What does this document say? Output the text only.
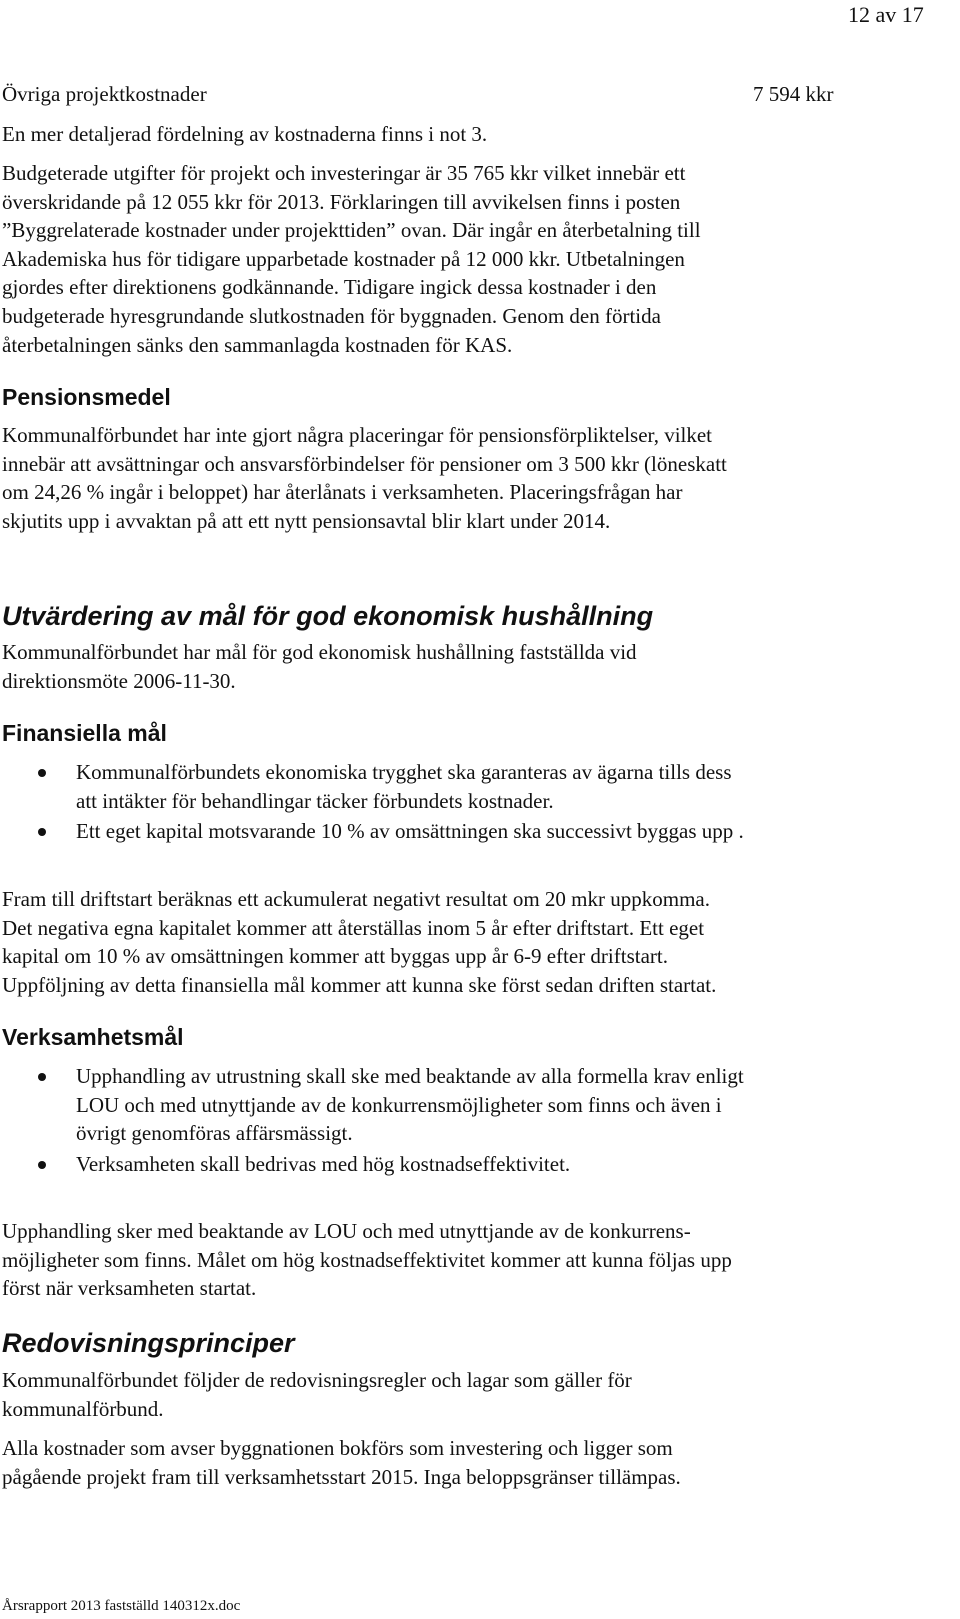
12 av 17
Övriga projektkostnader	7 594 kkr
En mer detaljerad fördelning av kostnaderna finns i not 3.
Budgeterade utgifter för projekt och investeringar är 35 765 kkr vilket innebär ett
överskridande på 12 055 kkr för 2013. Förklaringen till avvikelsen finns i posten
”Byggrelaterade kostnader under projekttiden” ovan. Där ingår en återbetalning till
Akademiska hus för tidigare upparbetade kostnader på 12 000 kkr. Utbetalningen
gjordes efter direktionens godkännande. Tidigare ingick dessa kostnader i den
budgeterade hyresgrundande slutkostnaden för byggnaden. Genom den förtida
återbetalningen sänks den sammanlagda kostnaden för KAS.
Pensionsmedel
Kommunalförbundet har inte gjort några placeringar för pensionsförpliktelser, vilket
innebär att avsättningar och ansvarsförbindelser för pensioner om 3 500 kkr (löneskatt
om 24,26 % ingår i beloppet) har återlånats i verksamheten. Placeringsfrågan har
skjutits upp i avvaktan på att ett nytt pensionsavtal blir klart under 2014.
Utvärdering av mål för god ekonomisk hushållning
Kommunalförbundet har mål för god ekonomisk hushållning fastställda vid
direktionsmöte 2006-11-30.
Finansiella mål
Kommunalförbundets ekonomiska trygghet ska garanteras av ägarna tills dess
att intäkter för behandlingar täcker förbundets kostnader.
Ett eget kapital motsvarande 10 % av omsättningen ska successivt byggas upp .
Fram till driftstart beräknas ett ackumulerat negativt resultat om 20 mkr uppkomma.
Det negativa egna kapitalet kommer att återställas inom 5 år efter driftstart. Ett eget
kapital om 10 % av omsättningen kommer att byggas upp år 6-9 efter driftstart.
Uppföljning av detta finansiella mål kommer att kunna ske först sedan driften startat.
Verksamhetsmål
Upphandling av utrustning skall ske med beaktande av alla formella krav enligt
LOU och med utnyttjande av de konkurrensmöjligheter som finns och även i
övrigt genomföras affärsmässigt.
Verksamheten skall bedrivas med hög kostnadseffektivitet.
Upphandling sker med beaktande av LOU och med utnyttjande av de konkurrens-
möjligheter som finns. Målet om hög kostnadseffektivitet kommer att kunna följas upp
först när verksamheten startat.
Redovisningsprinciper
Kommunalförbundet följder de redovisningsregler och lagar som gäller för
kommunalförbund.
Alla kostnader som avser byggnationen bokförs som investering och ligger som
pågående projekt fram till verksamhetsstart 2015. Inga beloppsgränser tillämpas.
Årsrapport 2013 fastställd 140312x.doc
